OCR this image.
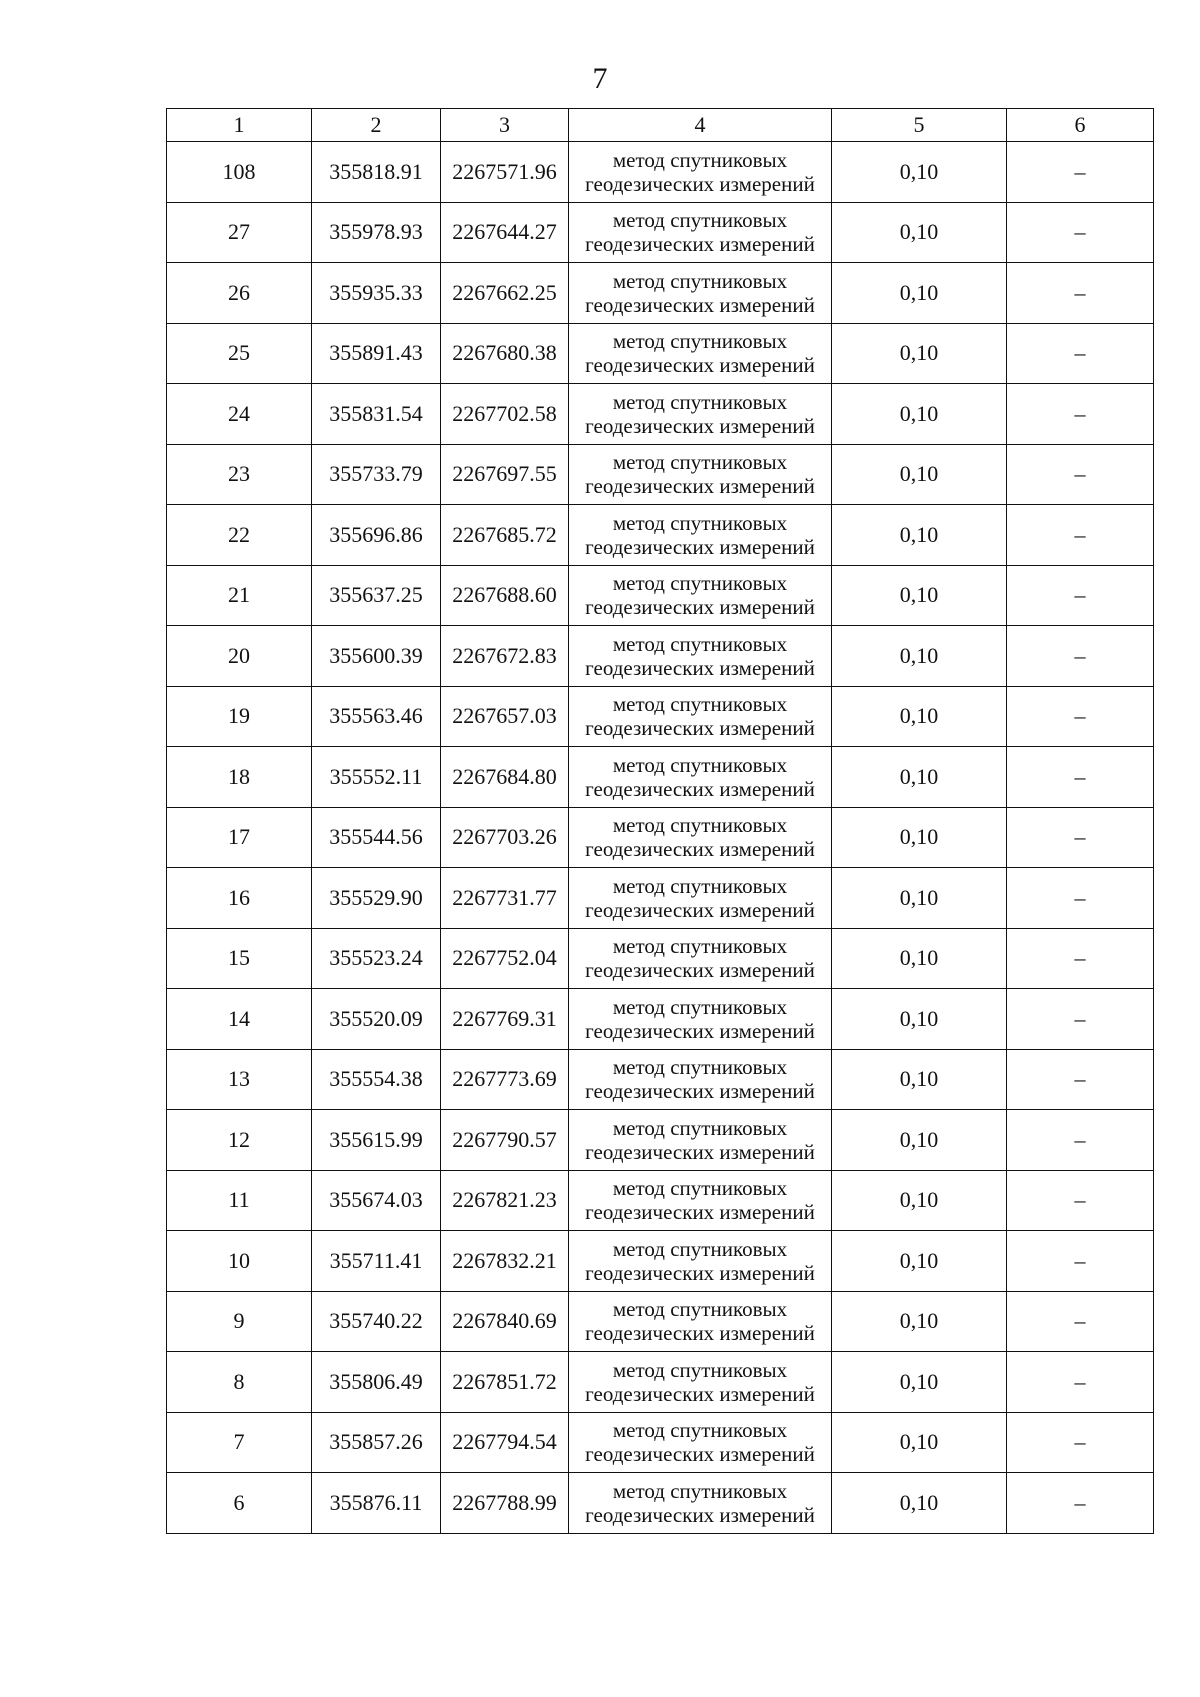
7
1	2	3	4	5	6
108	355818.91	2267571.96	метод спутниковых
геодезических измерений	0,10	–
27	355978.93	2267644.27	метод спутниковых
геодезических измерений	0,10	–
26	355935.33	2267662.25	метод спутниковых
геодезических измерений	0,10	–
25	355891.43	2267680.38	метод спутниковых
геодезических измерений	0,10	–
24	355831.54	2267702.58	метод спутниковых
геодезических измерений	0,10	–
23	355733.79	2267697.55	метод спутниковых
геодезических измерений	0,10	–
22	355696.86	2267685.72	метод спутниковых
геодезических измерений	0,10	–
21	355637.25	2267688.60	метод спутниковых
геодезических измерений	0,10	–
20	355600.39	2267672.83	метод спутниковых
геодезических измерений	0,10	–
19	355563.46	2267657.03	метод спутниковых
геодезических измерений	0,10	–
18	355552.11	2267684.80	метод спутниковых
геодезических измерений	0,10	–
17	355544.56	2267703.26	метод спутниковых
геодезических измерений	0,10	–
16	355529.90	2267731.77	метод спутниковых
геодезических измерений	0,10	–
15	355523.24	2267752.04	метод спутниковых
геодезических измерений	0,10	–
14	355520.09	2267769.31	метод спутниковых
геодезических измерений	0,10	–
13	355554.38	2267773.69	метод спутниковых
геодезических измерений	0,10	–
12	355615.99	2267790.57	метод спутниковых
геодезических измерений	0,10	–
11	355674.03	2267821.23	метод спутниковых
геодезических измерений	0,10	–
10	355711.41	2267832.21	метод спутниковых
геодезических измерений	0,10	–
9	355740.22	2267840.69	метод спутниковых
геодезических измерений	0,10	–
8	355806.49	2267851.72	метод спутниковых
геодезических измерений	0,10	–
7	355857.26	2267794.54	метод спутниковых
геодезических измерений	0,10	–
6	355876.11	2267788.99	метод спутниковых
геодезических измерений	0,10	–
